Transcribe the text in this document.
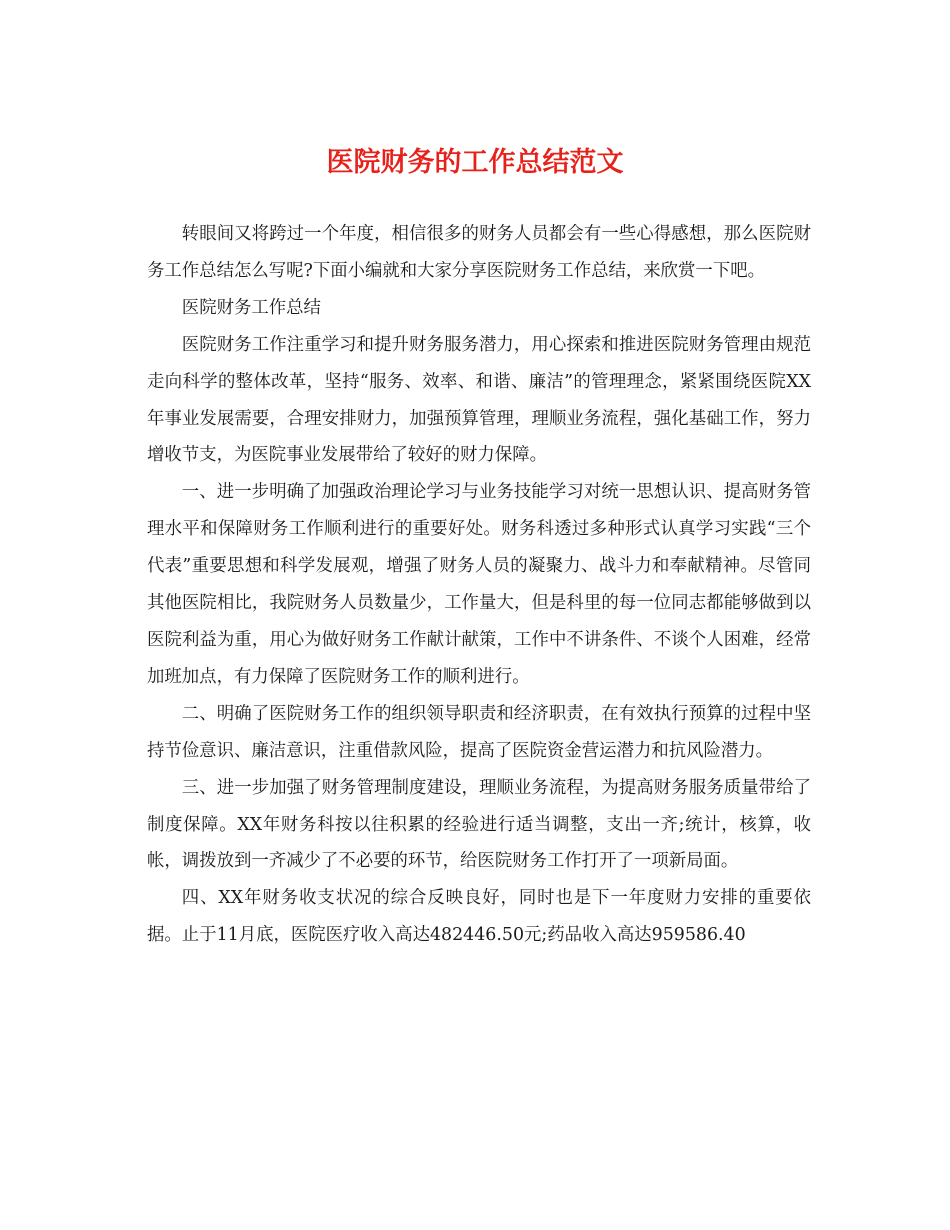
医院财务的工作总结范文

转眼间又将跨过一个年度，相信很多的财务人员都会有一些心得感想，那么医院财务工作总结怎么写呢?下面小编就和大家分享医院财务工作总结，来欣赏一下吧。

医院财务工作总结

医院财务工作注重学习和提升财务服务潜力，用心探索和推进医院财务管理由规范走向科学的整体改革，坚持“服务、效率、和谐、廉洁”的管理理念，紧紧围绕医院XX年事业发展需要，合理安排财力，加强预算管理，理顺业务流程，强化基础工作，努力增收节支，为医院事业发展带给了较好的财力保障。

一、进一步明确了加强政治理论学习与业务技能学习对统一思想认识、提高财务管理水平和保障财务工作顺利进行的重要好处。财务科透过多种形式认真学习实践“三个代表”重要思想和科学发展观，增强了财务人员的凝聚力、战斗力和奉献精神。尽管同其他医院相比，我院财务人员数量少，工作量大，但是科里的每一位同志都能够做到以医院利益为重，用心为做好财务工作献计献策，工作中不讲条件、不谈个人困难，经常加班加点，有力保障了医院财务工作的顺利进行。

二、明确了医院财务工作的组织领导职责和经济职责，在有效执行预算的过程中坚持节俭意识、廉洁意识，注重借款风险，提高了医院资金营运潜力和抗风险潜力。

三、进一步加强了财务管理制度建设，理顺业务流程，为提高财务服务质量带给了制度保障。XX年财务科按以往积累的经验进行适当调整，支出一齐;统计，核算，收帐，调拨放到一齐减少了不必要的环节，给医院财务工作打开了一项新局面。

四、XX年财务收支状况的综合反映良好，同时也是下一年度财力安排的重要依据。止于11月底，医院医疗收入高达482446.50元;药品收入高达959586.40
